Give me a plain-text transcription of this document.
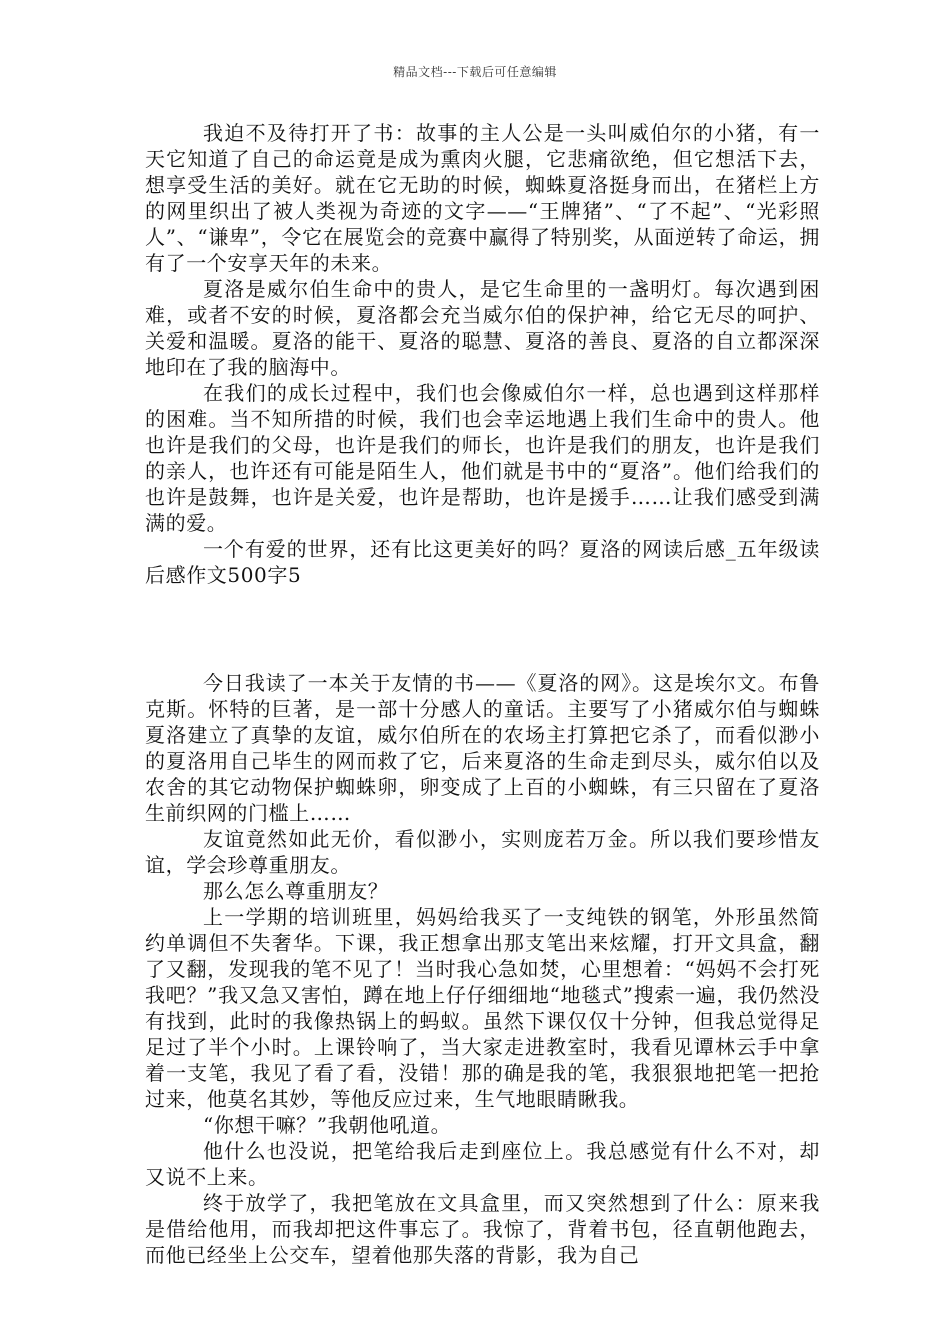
精品文档---下载后可任意编辑

我迫不及待打开了书：故事的主人公是一头叫威伯尔的小猪，有一天它知道了自己的命运竟是成为熏肉火腿，它悲痛欲绝，但它想活下去，想享受生活的美好。就在它无助的时候，蜘蛛夏洛挺身而出，在猪栏上方的网里织出了被人类视为奇迹的文字——“王牌猪”、“了不起”、“光彩照人”、“谦卑”，令它在展览会的竞赛中赢得了特别奖，从面逆转了命运，拥有了一个安享天年的未来。

夏洛是威尔伯生命中的贵人，是它生命里的一盏明灯。每次遇到困难，或者不安的时候，夏洛都会充当威尔伯的保护神，给它无尽的呵护、关爱和温暖。夏洛的能干、夏洛的聪慧、夏洛的善良、夏洛的自立都深深地印在了我的脑海中。

在我们的成长过程中，我们也会像威伯尔一样，总也遇到这样那样的困难。当不知所措的时候，我们也会幸运地遇上我们生命中的贵人。他也许是我们的父母，也许是我们的师长，也许是我们的朋友，也许是我们的亲人，也许还有可能是陌生人，他们就是书中的“夏洛”。他们给我们的也许是鼓舞，也许是关爱，也许是帮助，也许是援手……让我们感受到满满的爱。

一个有爱的世界，还有比这更美好的吗？夏洛的网读后感_五年级读后感作文500字5

今日我读了一本关于友情的书——《夏洛的网》。这是埃尔文。布鲁克斯。怀特的巨著，是一部十分感人的童话。主要写了小猪威尔伯与蜘蛛夏洛建立了真挚的友谊，威尔伯所在的农场主打算把它杀了，而看似渺小的夏洛用自己毕生的网而救了它，后来夏洛的生命走到尽头，威尔伯以及农舍的其它动物保护蜘蛛卵，卵变成了上百的小蜘蛛，有三只留在了夏洛生前织网的门槛上……

友谊竟然如此无价，看似渺小，实则庞若万金。所以我们要珍惜友谊，学会珍尊重朋友。

那么怎么尊重朋友？

上一学期的培训班里，妈妈给我买了一支纯铁的钢笔，外形虽然简约单调但不失奢华。下课，我正想拿出那支笔出来炫耀，打开文具盒，翻了又翻，发现我的笔不见了！当时我心急如焚，心里想着：“妈妈不会打死我吧？”我又急又害怕，蹲在地上仔仔细细地“地毯式”搜索一遍，我仍然没有找到，此时的我像热锅上的蚂蚁。虽然下课仅仅十分钟，但我总觉得足足过了半个小时。上课铃响了，当大家走进教室时，我看见谭林云手中拿着一支笔，我见了看了看，没错！那的确是我的笔，我狠狠地把笔一把抢过来，他莫名其妙，等他反应过来，生气地眼睛瞅我。

“你想干嘛？”我朝他吼道。

他什么也没说，把笔给我后走到座位上。我总感觉有什么不对，却又说不上来。

终于放学了，我把笔放在文具盒里，而又突然想到了什么：原来我是借给他用，而我却把这件事忘了。我惊了，背着书包，径直朝他跑去，而他已经坐上公交车，望着他那失落的背影，我为自己
